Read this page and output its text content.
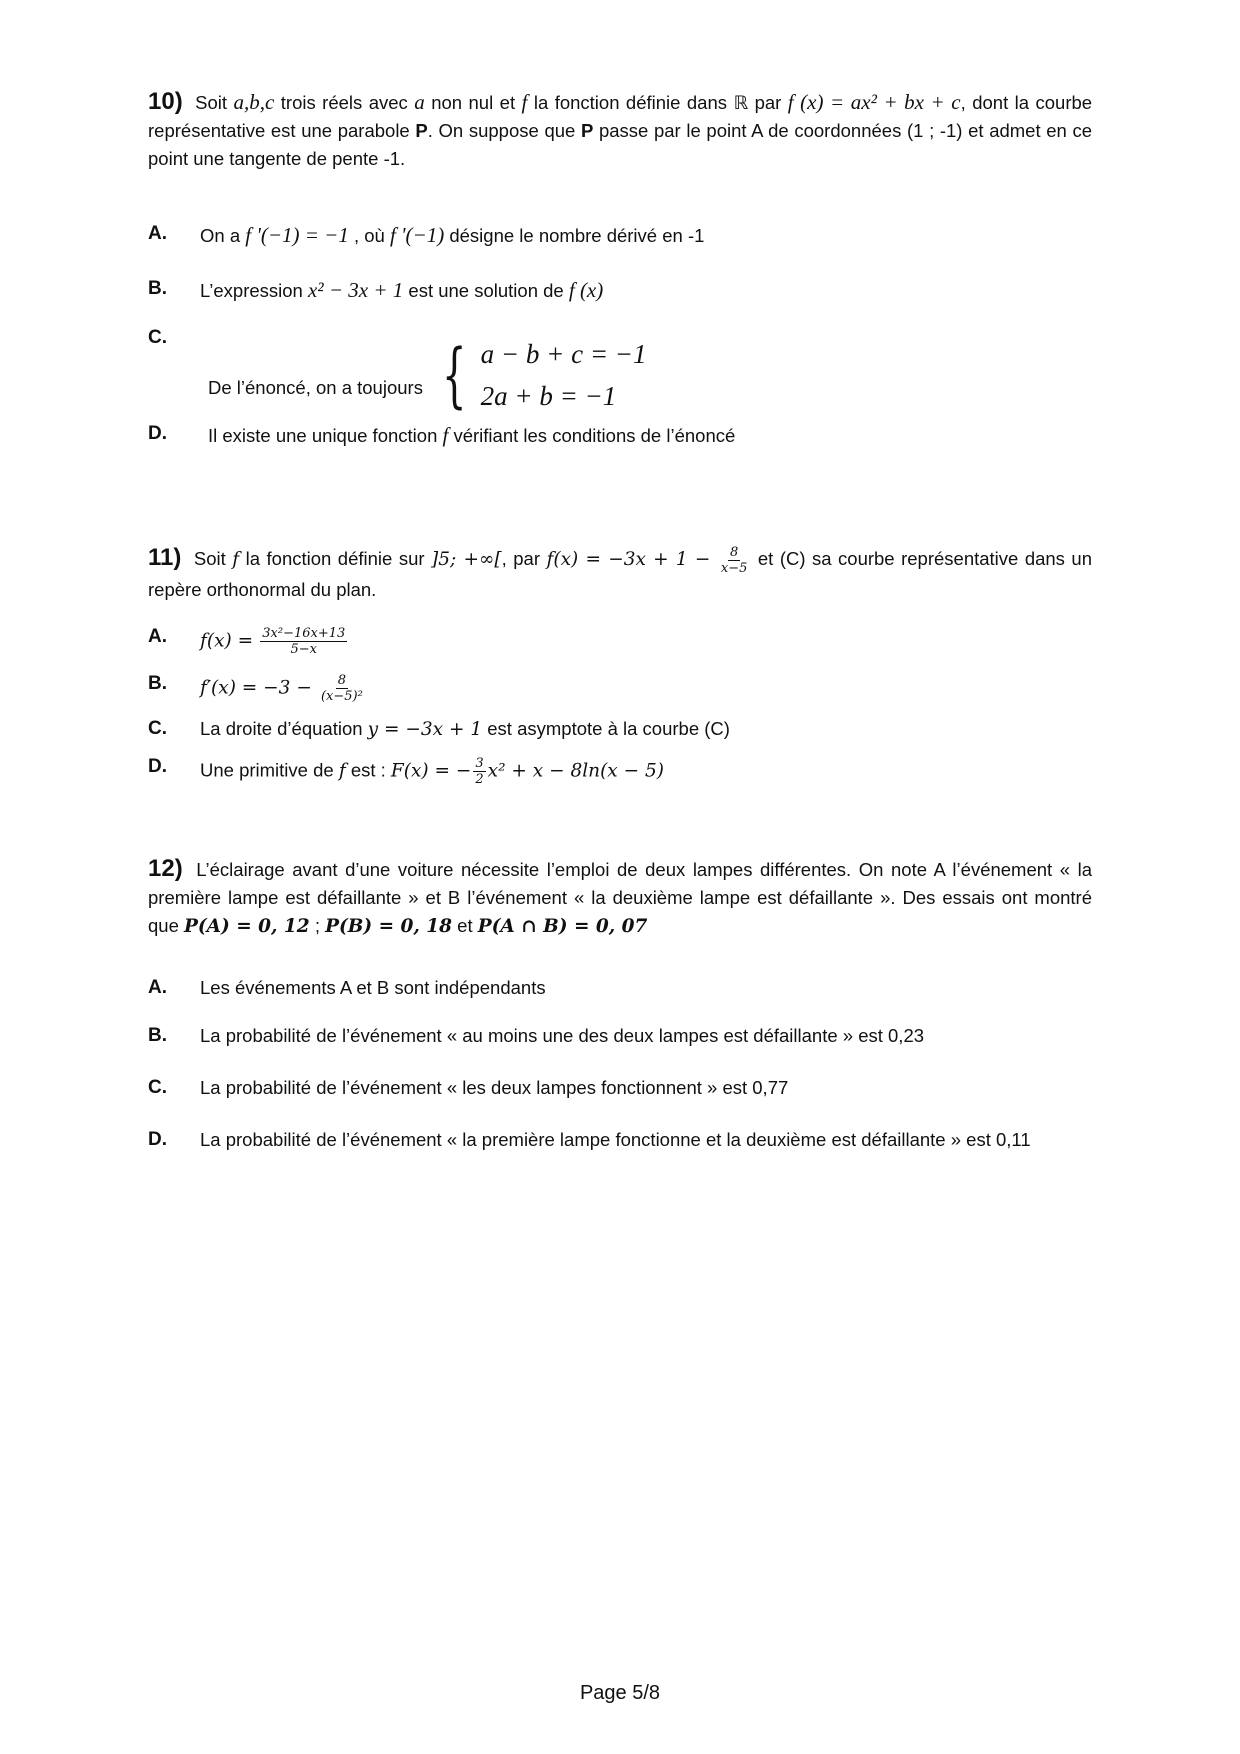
10) Soit a,b,c trois réels avec a non nul et f la fonction définie dans ℝ par f (x) = ax² + bx + c, dont la courbe représentative est une parabole P. On suppose que P passe par le point A de coordonnées (1 ; -1) et admet en ce point une tangente de pente -1.
A.	On a f '(−1) = −1 , où f '(−1) désigne le nombre dérivé en -1
B.	L’expression x² − 3x + 1 est une solution de f (x)
C.
De l’énoncé, on a toujours { a − b + c = −1
2a + b = −1
D.	Il existe une unique fonction f vérifiant les conditions de l’énoncé
11) Soit f la fonction définie sur ]5; +∞[, par $f(x) = -3x + 1 - \frac{8}{x-5}$ et (C) sa courbe représentative dans un repère orthonormal du plan.
A.	$f(x) = \frac{\text{3x²−16x+13}}{5-x}$
B.	$f'(x) = -3 - \frac{8}{\text{(x−5)²}}$
C.	La droite d’équation y = −3x + 1 est asymptote à la courbe (C)
D.	Une primitive de f est : F(x) = − $\frac{3}{2} x^2 + x - 8\ln(x - 5)$
12) L’éclairage avant d’une voiture nécessite l’emploi de deux lampes différentes. On note A l’événement « la première lampe est défaillante » et B l’événement « la deuxième lampe est défaillante ». Des essais ont montré que P(A) = 0, 12 ; P(B) = 0, 18 et P(A ∩ B) = 0, 07
A.	Les événements A et B sont indépendants
B.	La probabilité de l’événement « au moins une des deux lampes est défaillante » est 0,23
C.	La probabilité de l’événement « les deux lampes fonctionnent » est 0,77
D.	La probabilité de l’événement « la première lampe fonctionne et la deuxième est défaillante » est 0,11
Page 5/8
